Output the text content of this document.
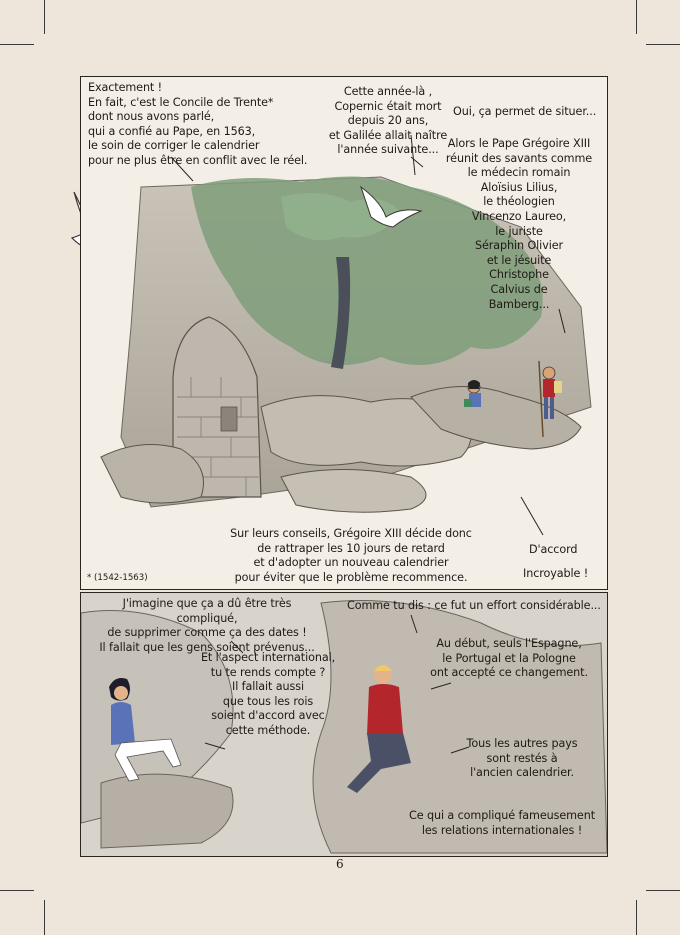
Exactement !
En fait, c'est le Concile de Trente*
dont nous avons parlé,
qui a confié au Pape, en 1563,
le soin de corriger le calendrier
pour ne plus être en conflit avec le réel.
Cette année-là ,
Copernic était mort
depuis 20 ans,
et Galilée allait naître
l'année suivante...
Oui, ça permet de situer...
Alors le Pape Grégoire XIII
réunit des savants comme
le médecin romain
Aloïsius Lilius,
le théologien
Vincenzo Laureo,
le juriste
Séraphin Olivier
et le jésuite
Christophe
Calvius de
Bamberg...
Sur leurs conseils, Grégoire XIII décide donc
de rattraper les 10 jours de retard
et d'adopter un nouveau calendrier
pour éviter que le problème recommence.
D'accord
Incroyable !
* (1542-1563)
J'imagine que ça a dû être très compliqué,
de supprimer comme ça des dates !
Il fallait que les gens soient prévenus...
Et l'aspect international,
tu te rends compte ?
Il fallait aussi
que tous les rois
soient d'accord avec
cette méthode.
Comme tu dis : ce fut un effort considérable...
Au début, seuls l'Espagne,
le Portugal et la Pologne
ont accepté ce changement.
Tous les autres pays
sont restés à
l'ancien calendrier.
Ce qui a compliqué fameusement
les relations internationales !
6
